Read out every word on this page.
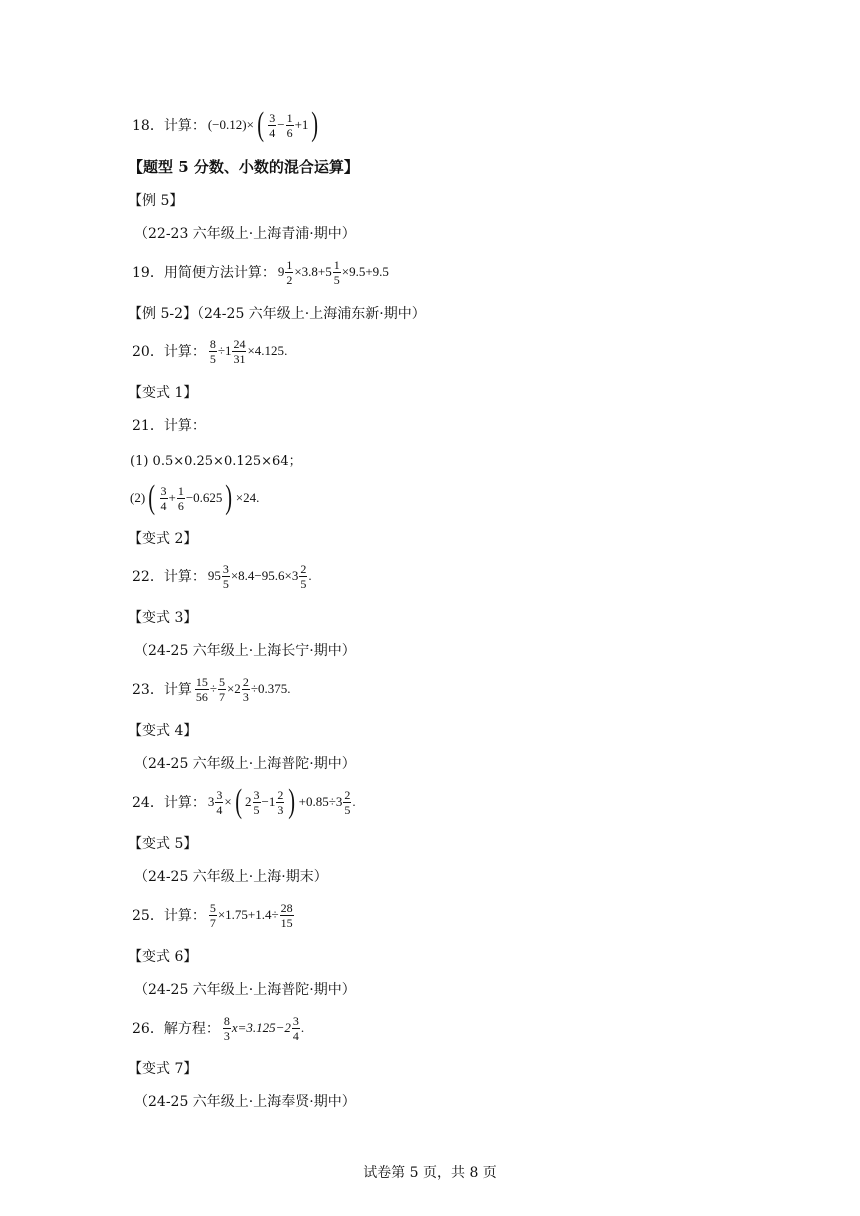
18．计算： (−0.12)× ( $\frac{3}{4} - \frac{1}{6} +1$ )
【题型 5 分数、小数的混合运算】
【例 5】
（22-23 六年级上·上海青浦·期中）
19．用简便方法计算： $9 \frac{1}{2} \times 3.8+5 \frac{1}{5} \times 9.5+9.5$
【例 5-2】（24-25 六年级上·上海浦东新·期中）
20．计算： $\frac{8}{5} \div 1 \frac{24}{31} \times 4.125$ .
【变式 1】
21．计算：
(1) 0.5×0.25×0.125×64；
(2) ( $\frac{3}{4} + \frac{1}{6} -0.625$ ) ×24 .
【变式 2】
22．计算： $95 \frac{3}{5} \times 8.4-95.6\times 3 \frac{2}{5}$ .
【变式 3】
（24-25 六年级上·上海长宁·期中）
23．计算 $\frac{15}{56} \div \frac{5}{7} \times 2 \frac{2}{3} \div 0.375$ .
【变式 4】
（24-25 六年级上·上海普陀·期中）
24．计算： $3 \frac{3}{4}$ × ( $2 \frac{3}{5} -1 \frac{2}{3}$ ) $+0.85\div 3 \frac{2}{5}$ .
【变式 5】
（24-25 六年级上·上海·期末）
25．计算： $\frac{5}{7} \times 1.75+1.4\div \frac{28}{15}$
【变式 6】
（24-25 六年级上·上海普陀·期中）
26．解方程： $\frac{8}{3} x=3.125-2 \frac{3}{4}$ .
【变式 7】
（24-25 六年级上·上海奉贤·期中）
试卷第 5 页，共 8 页
